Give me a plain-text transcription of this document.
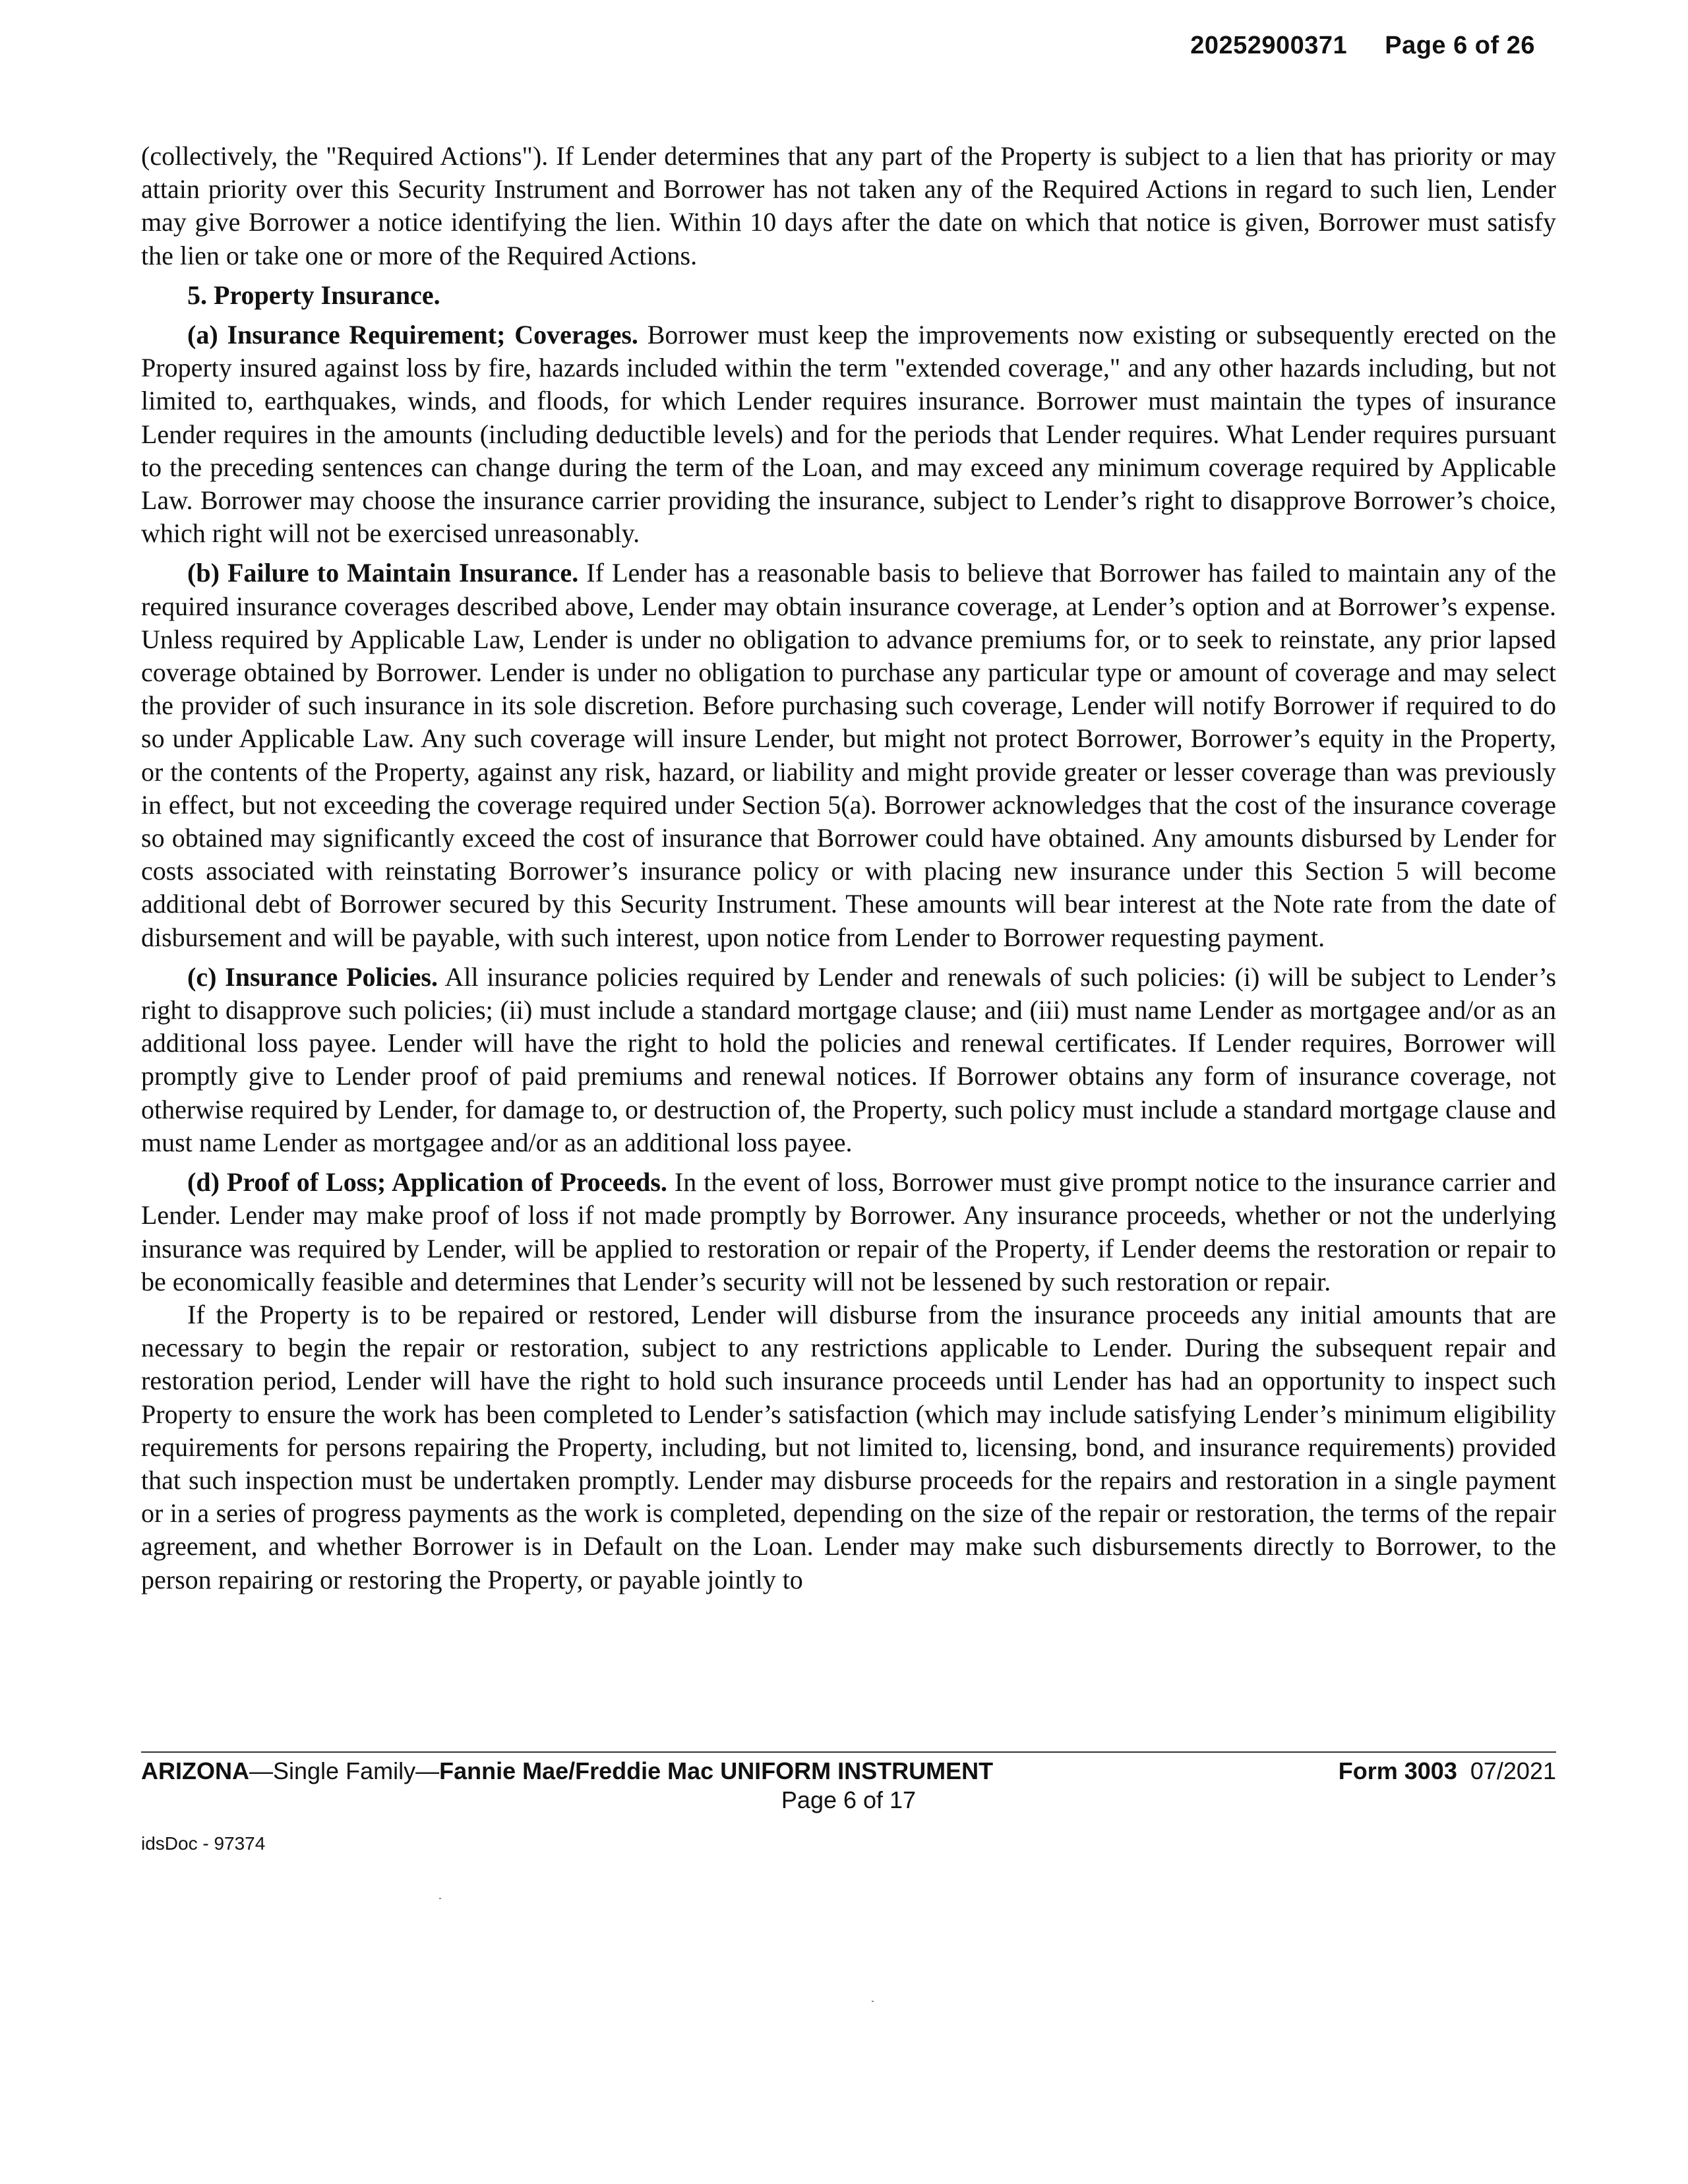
20252900371 Page 6 of 26

(collectively, the "Required Actions"). If Lender determines that any part of the Property is subject to a lien that has priority or may attain priority over this Security Instrument and Borrower has not taken any of the Required Actions in regard to such lien, Lender may give Borrower a notice identifying the lien. Within 10 days after the date on which that notice is given, Borrower must satisfy the lien or take one or more of the Required Actions.

5. Property Insurance.

(a) Insurance Requirement; Coverages. Borrower must keep the improvements now existing or subsequently erected on the Property insured against loss by fire, hazards included within the term "extended coverage," and any other hazards including, but not limited to, earthquakes, winds, and floods, for which Lender requires insurance. Borrower must maintain the types of insurance Lender requires in the amounts (including deductible levels) and for the periods that Lender requires. What Lender requires pursuant to the preceding sentences can change during the term of the Loan, and may exceed any minimum coverage required by Applicable Law. Borrower may choose the insurance carrier providing the insurance, subject to Lender’s right to disapprove Borrower’s choice, which right will not be exercised unreasonably.

(b) Failure to Maintain Insurance. If Lender has a reasonable basis to believe that Borrower has failed to maintain any of the required insurance coverages described above, Lender may obtain insurance coverage, at Lender’s option and at Borrower’s expense. Unless required by Applicable Law, Lender is under no obligation to advance premiums for, or to seek to reinstate, any prior lapsed coverage obtained by Borrower. Lender is under no obligation to purchase any particular type or amount of coverage and may select the provider of such insurance in its sole discretion. Before purchasing such coverage, Lender will notify Borrower if required to do so under Applicable Law. Any such coverage will insure Lender, but might not protect Borrower, Borrower’s equity in the Property, or the contents of the Property, against any risk, hazard, or liability and might provide greater or lesser coverage than was previously in effect, but not exceeding the coverage required under Section 5(a). Borrower acknowledges that the cost of the insurance coverage so obtained may significantly exceed the cost of insurance that Borrower could have obtained. Any amounts disbursed by Lender for costs associated with reinstating Borrower’s insurance policy or with placing new insurance under this Section 5 will become additional debt of Borrower secured by this Security Instrument. These amounts will bear interest at the Note rate from the date of disbursement and will be payable, with such interest, upon notice from Lender to Borrower requesting payment.

(c) Insurance Policies. All insurance policies required by Lender and renewals of such policies: (i) will be subject to Lender’s right to disapprove such policies; (ii) must include a standard mortgage clause; and (iii) must name Lender as mortgagee and/or as an additional loss payee. Lender will have the right to hold the policies and renewal certificates. If Lender requires, Borrower will promptly give to Lender proof of paid premiums and renewal notices. If Borrower obtains any form of insurance coverage, not otherwise required by Lender, for damage to, or destruction of, the Property, such policy must include a standard mortgage clause and must name Lender as mortgagee and/or as an additional loss payee.

(d) Proof of Loss; Application of Proceeds. In the event of loss, Borrower must give prompt notice to the insurance carrier and Lender. Lender may make proof of loss if not made promptly by Borrower. Any insurance proceeds, whether or not the underlying insurance was required by Lender, will be applied to restoration or repair of the Property, if Lender deems the restoration or repair to be economically feasible and determines that Lender’s security will not be lessened by such restoration or repair.

If the Property is to be repaired or restored, Lender will disburse from the insurance proceeds any initial amounts that are necessary to begin the repair or restoration, subject to any restrictions applicable to Lender. During the subsequent repair and restoration period, Lender will have the right to hold such insurance proceeds until Lender has had an opportunity to inspect such Property to ensure the work has been completed to Lender’s satisfaction (which may include satisfying Lender’s minimum eligibility requirements for persons repairing the Property, including, but not limited to, licensing, bond, and insurance requirements) provided that such inspection must be undertaken promptly. Lender may disburse proceeds for the repairs and restoration in a single payment or in a series of progress payments as the work is completed, depending on the size of the repair or restoration, the terms of the repair agreement, and whether Borrower is in Default on the Loan. Lender may make such disbursements directly to Borrower, to the person repairing or restoring the Property, or payable jointly to

ARIZONA—Single Family—Fannie Mae/Freddie Mac UNIFORM INSTRUMENT	Form 3003 07/2021
Page 6 of 17
idsDoc - 97374
